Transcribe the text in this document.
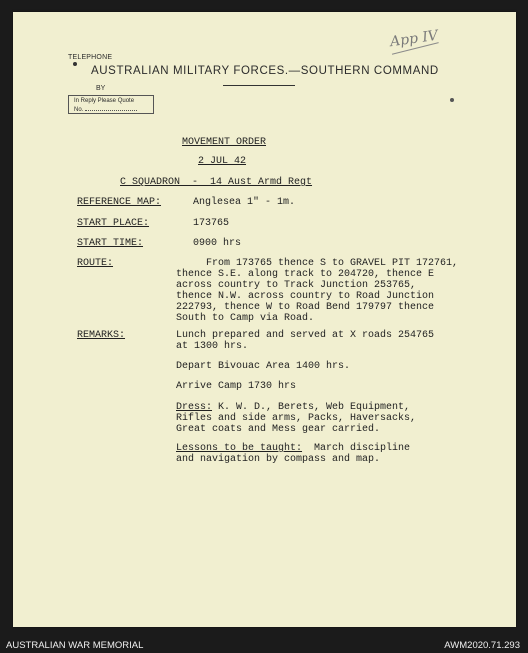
TELEPHONE
AUSTRALIAN MILITARY FORCES.—SOUTHERN COMMAND
BY
In Reply Please Quote
No.
App IV
MOVEMENT ORDER
2 JUL 42
C SQUADRON  -  14 Aust Armd Regt
REFERENCE MAP:	Anglesea 1" - 1m.
START PLACE:	173765
START TIME:	0900 hrs
ROUTE:	From 173765 thence S to GRAVEL PIT 172761,
thence S.E. along track to 204720, thence E
across country to Track Junction 253765,
thence N.W. across country to Road Junction
222793, thence W to Road Bend 179797 thence
South to Camp via Road.
REMARKS:	Lunch prepared and served at X roads 254765
at 1300 hrs.
Depart Bivouac Area 1400 hrs.
Arrive Camp 1730 hrs
Dress: K. W. D., Berets, Web Equipment,
Rifles and side arms, Packs, Haversacks,
Great coats and Mess gear carried.
Lessons to be taught:  March discipline
and navigation by compass and map.
AUSTRALIAN WAR MEMORIAL	AWM2020.71.293
